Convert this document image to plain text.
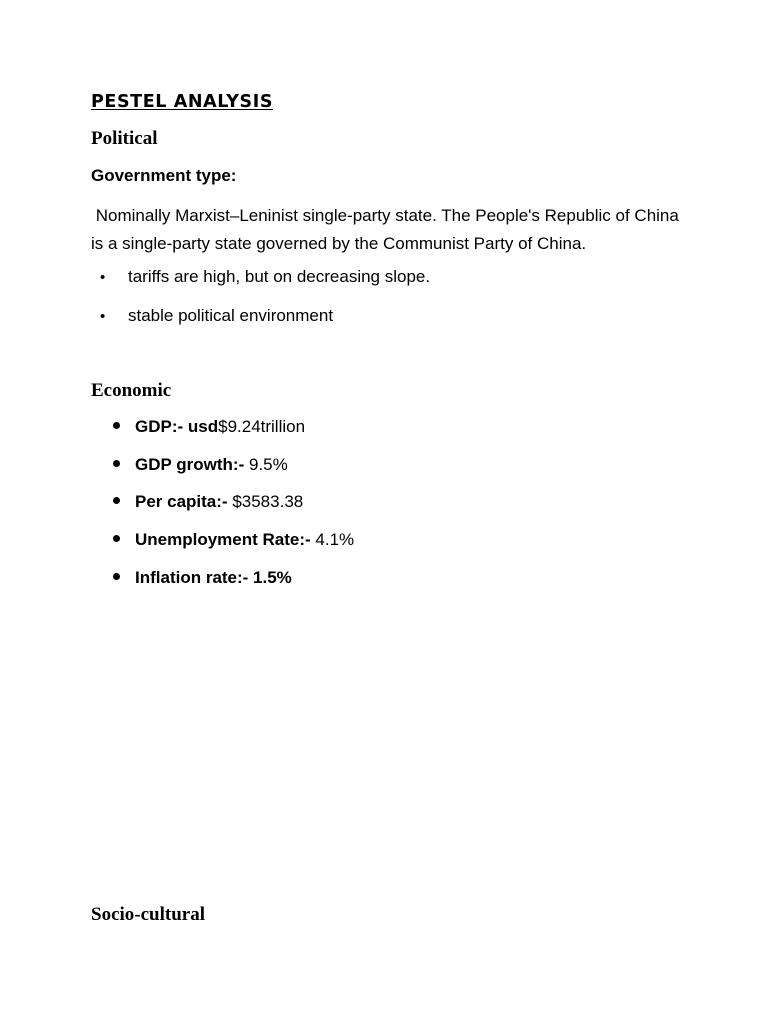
PESTEL ANALYSIS
Political
Government type:

Nominally Marxist–Leninist single-party state. The People's Republic of China is a single-party state governed by the Communist Party of China.

• tariffs are high, but on decreasing slope.
• stable political environment
Economic
GDP:- usd$9.24trillion
GDP growth:- 9.5%
Per capita:- $3583.38
Unemployment Rate:- 4.1%
Inflation rate:- 1.5%
Socio-cultural
